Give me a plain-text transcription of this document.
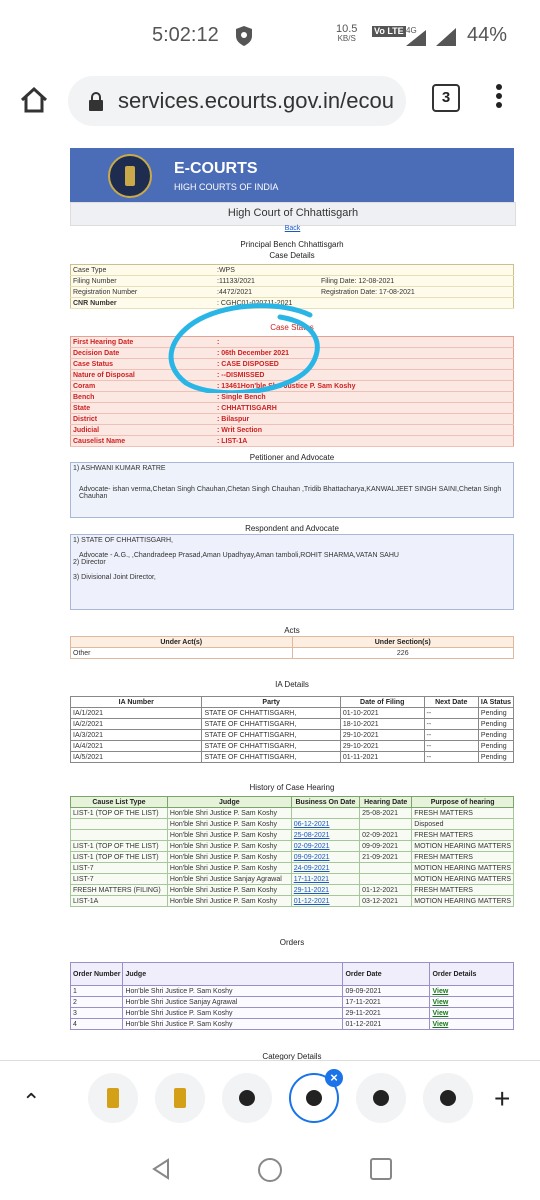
5:02:12	10.5
KB/S
Vo LTE 4G	44%
services.ecourts.gov.in/ecou	3
E-COURTS
HIGH COURTS OF INDIA
High Court of Chhattisgarh
Back
Principal Bench Chhattisgarh
Case Details
Case Type	:WPS	
Filing Number	:11133/2021	Filing Date: 12-08-2021
Registration Number	:4472/2021	Registration Date: 17-08-2021
CNR Number	: CGHC01-020711-2021	
Case Status
First Hearing Date	:
Decision Date	: 06th December 2021
Case Status	: CASE DISPOSED
Nature of Disposal	: --DISMISSED
Coram	: 13461Hon'ble Shri Justice P. Sam Koshy
Bench	: Single Bench
State	: CHHATTISGARH
District	: Bilaspur
Judicial	: Writ Section
Causelist Name	: LIST-1A
Petitioner and Advocate
1) ASHWANI KUMAR RATRE
Advocate- ishan verma,Chetan Singh Chauhan,Chetan Singh Chauhan ,Tridib Bhattacharya,KANWALJEET SINGH SAINI,Chetan Singh Chauhan
Respondent and Advocate
1) STATE OF CHHATTISGARH,
Advocate - A.G., ,Chandradeep Prasad,Aman Upadhyay,Aman tamboli,ROHIT SHARMA,VATAN SAHU
2) Director
3) Divisional Joint Director,
Acts
Under Act(s)	Under Section(s)
Other	226
IA Details
IA Number	Party	Date of Filing	Next Date	IA Status
IA/1/2021	STATE OF CHHATTISGARH,	01-10-2021	--	Pending
IA/2/2021	STATE OF CHHATTISGARH,	18-10-2021	--	Pending
IA/3/2021	STATE OF CHHATTISGARH,	29-10-2021	--	Pending
IA/4/2021	STATE OF CHHATTISGARH,	29-10-2021	--	Pending
IA/5/2021	STATE OF CHHATTISGARH,	01-11-2021	--	Pending
History of Case Hearing
Cause List Type	Judge	Business On Date	Hearing Date	Purpose of hearing
LIST-1 (TOP OF THE LIST)	Hon'ble Shri Justice P. Sam Koshy		25-08-2021	FRESH MATTERS
	Hon'ble Shri Justice P. Sam Koshy	06-12-2021		Disposed
	Hon'ble Shri Justice P. Sam Koshy	25-08-2021	02-09-2021	FRESH MATTERS
LIST-1 (TOP OF THE LIST)	Hon'ble Shri Justice P. Sam Koshy	02-09-2021	09-09-2021	MOTION HEARING MATTERS
LIST-1 (TOP OF THE LIST)	Hon'ble Shri Justice P. Sam Koshy	09-09-2021	21-09-2021	FRESH MATTERS
LIST-7	Hon'ble Shri Justice P. Sam Koshy	24-09-2021		MOTION HEARING MATTERS
LIST-7	Hon'ble Shri Justice Sanjay Agrawal	17-11-2021		MOTION HEARING MATTERS
FRESH MATTERS (FILING)	Hon'ble Shri Justice P. Sam Koshy	29-11-2021	01-12-2021	FRESH MATTERS
LIST-1A	Hon'ble Shri Justice P. Sam Koshy	01-12-2021	03-12-2021	MOTION HEARING MATTERS
Orders
Order Number	Judge	Order Date	Order Details
1	Hon'ble Shri Justice P. Sam Koshy	09-09-2021	View
2	Hon'ble Shri Justice Sanjay Agrawal	17-11-2021	View
3	Hon'ble Shri Justice P. Sam Koshy	29-11-2021	View
4	Hon'ble Shri Justice P. Sam Koshy	01-12-2021	View
Category Details
⌃
×
+
